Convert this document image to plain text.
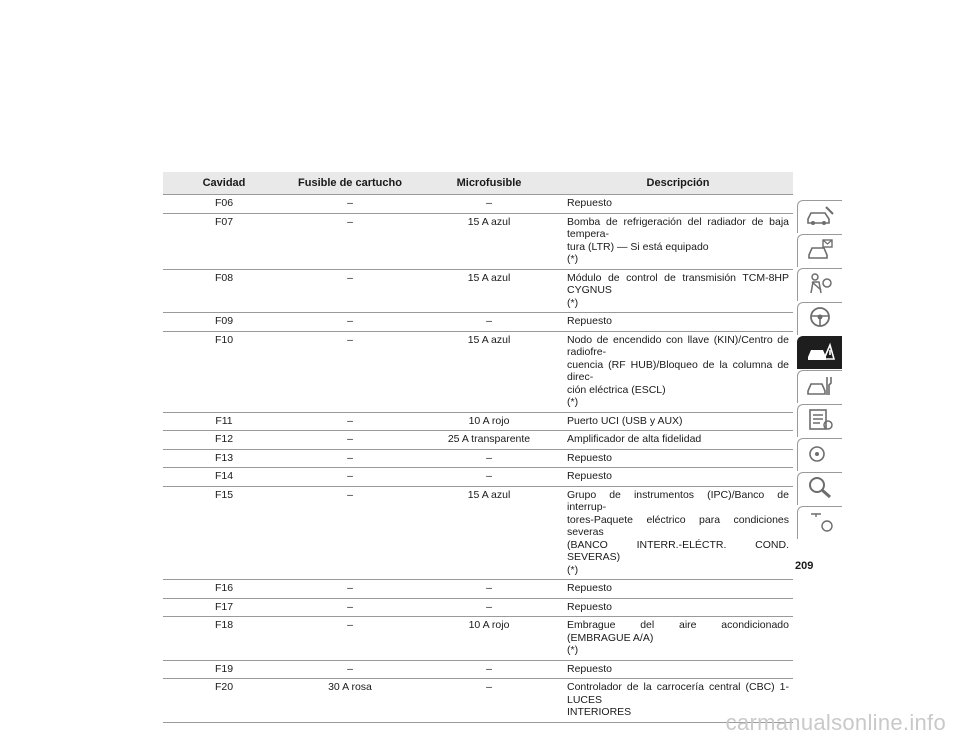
Cavidad	Fusible de cartucho	Microfusible	Descripción
F06	–	–	Repuesto

F07	–	15 A azul	Bomba de refrigeración del radiador de baja tempera-
tura (LTR) — Si está equipado
(*)

F08	–	15 A azul	Módulo de control de transmisión TCM-8HP CYGNUS
(*)

F09	–	–	Repuesto

F10	–	15 A azul	Nodo de encendido con llave (KIN)/Centro de radiofre-
cuencia (RF HUB)/Bloqueo de la columna de direc-
ción eléctrica (ESCL)
(*)

F11	–	10 A rojo	Puerto UCI (USB y AUX)

F12	–	25 A transparente	Amplificador de alta fidelidad

F13	–	–	Repuesto

F14	–	–	Repuesto

F15	–	15 A azul	Grupo de instrumentos (IPC)/Banco de interrup-
tores-Paquete eléctrico para condiciones severas
(BANCO INTERR.-ELÉCTR. COND. SEVERAS)
(*)

F16	–	–	Repuesto

F17	–	–	Repuesto

F18	–	10 A rojo	Embrague del aire acondicionado (EMBRAGUE A/A)
(*)

F19	–	–	Repuesto

F20	30 A rosa	–	Controlador de la carrocería central (CBC) 1-LUCES
INTERIORES
209
carmanualsonline.info
